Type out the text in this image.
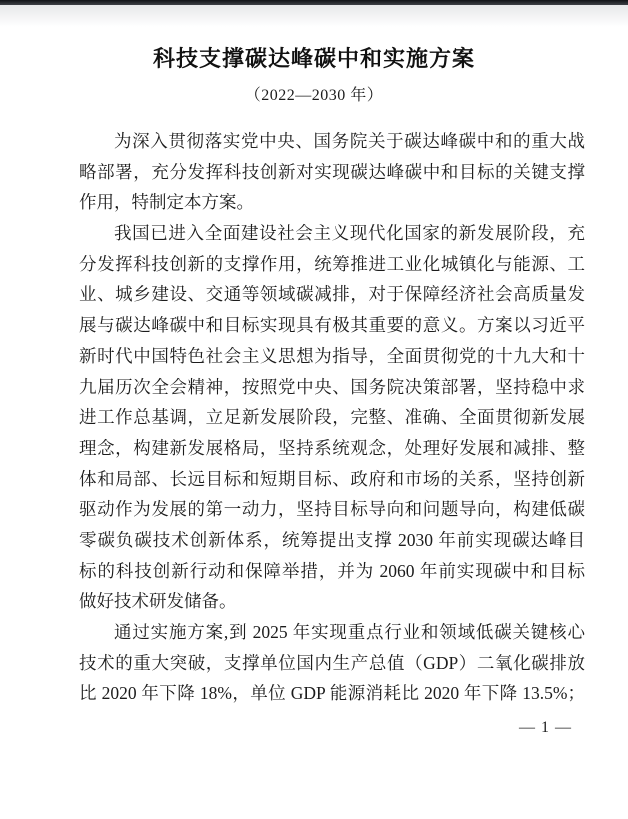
科技支撑碳达峰碳中和实施方案
（2022—2030 年）
为深入贯彻落实党中央、国务院关于碳达峰碳中和的重大战
略部署，充分发挥科技创新对实现碳达峰碳中和目标的关键支撑
作用，特制定本方案。
我国已进入全面建设社会主义现代化国家的新发展阶段，充
分发挥科技创新的支撑作用，统筹推进工业化城镇化与能源、工
业、城乡建设、交通等领域碳减排，对于保障经济社会高质量发
展与碳达峰碳中和目标实现具有极其重要的意义。方案以习近平
新时代中国特色社会主义思想为指导，全面贯彻党的十九大和十
九届历次全会精神，按照党中央、国务院决策部署，坚持稳中求
进工作总基调，立足新发展阶段，完整、准确、全面贯彻新发展
理念，构建新发展格局，坚持系统观念，处理好发展和减排、整
体和局部、长远目标和短期目标、政府和市场的关系，坚持创新
驱动作为发展的第一动力，坚持目标导向和问题导向，构建低碳
零碳负碳技术创新体系，统筹提出支撑 2030 年前实现碳达峰目
标的科技创新行动和保障举措，并为 2060 年前实现碳中和目标
做好技术研发储备。
通过实施方案,到 2025 年实现重点行业和领域低碳关键核心
技术的重大突破，支撑单位国内生产总值（GDP）二氧化碳排放
比 2020 年下降 18%，单位 GDP 能源消耗比 2020 年下降 13.5%；
— 1 —
